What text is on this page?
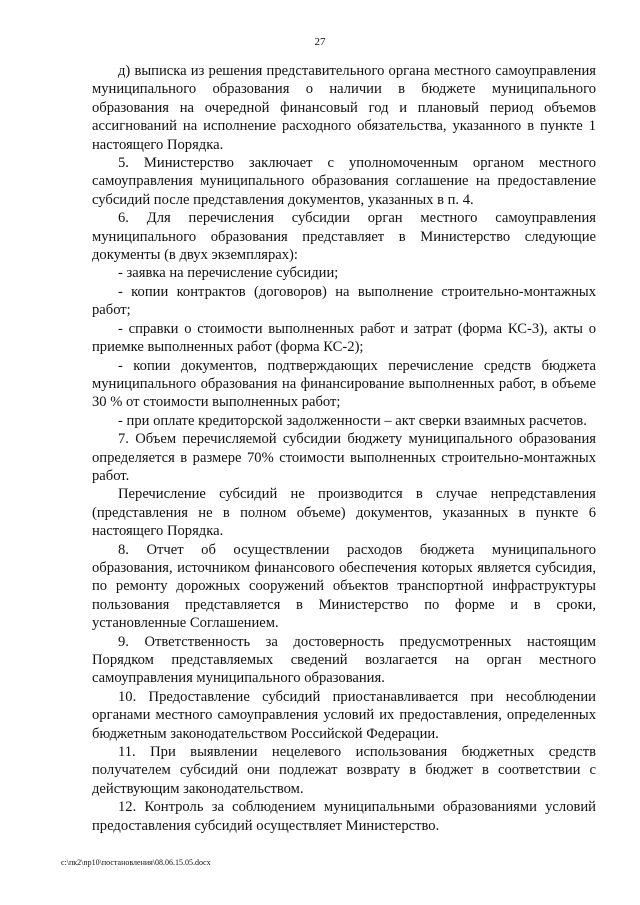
27

д) выписка из решения представительного органа местного самоуправления муниципального образования о наличии в бюджете муниципального образования на очередной финансовый год и плановый период объемов ассигнований на исполнение расходного обязательства, указанного в пункте 1 настоящего Порядка.

5. Министерство заключает с уполномоченным органом местного самоуправления муниципального образования соглашение на предоставление субсидий после представления документов, указанных в п. 4.

6. Для перечисления субсидии орган местного самоуправления муниципального образования представляет в Министерство следующие документы (в двух экземплярах):

- заявка на перечисление субсидии;

- копии контрактов (договоров) на выполнение строительно-монтажных работ;

- справки о стоимости выполненных работ и затрат (форма КС-3), акты о приемке выполненных работ (форма КС-2);

- копии документов, подтверждающих перечисление средств бюджета муниципального образования на финансирование выполненных работ, в объеме 30 % от стоимости выполненных работ;

- при оплате кредиторской задолженности – акт сверки взаимных расчетов.

7. Объем перечисляемой субсидии бюджету муниципального образования определяется в размере 70% стоимости выполненных строительно-монтажных работ.

Перечисление субсидий не производится в случае непредставления (представления не в полном объеме) документов, указанных в пункте 6 настоящего Порядка.

8. Отчет об осуществлении расходов бюджета муниципального образования, источником финансового обеспечения которых является субсидия, по ремонту дорожных сооружений объектов транспортной инфраструктуры пользования представляется в Министерство по форме и в сроки, установленные Соглашением.

9. Ответственность за достоверность предусмотренных настоящим Порядком представляемых сведений возлагается на орган местного самоуправления муниципального образования.

10. Предоставление субсидий приостанавливается при несоблюдении органами местного самоуправления условий их предоставления, определенных бюджетным законодательством Российской Федерации.

11. При выявлении нецелевого использования бюджетных средств получателем субсидий они подлежат возврату в бюджет в соответствии с действующим законодательством.

12. Контроль за соблюдением муниципальными образованиями условий предоставления субсидий осуществляет Министерство.

c:\пк2\пр10\постановления\08.06.15.05.docx
